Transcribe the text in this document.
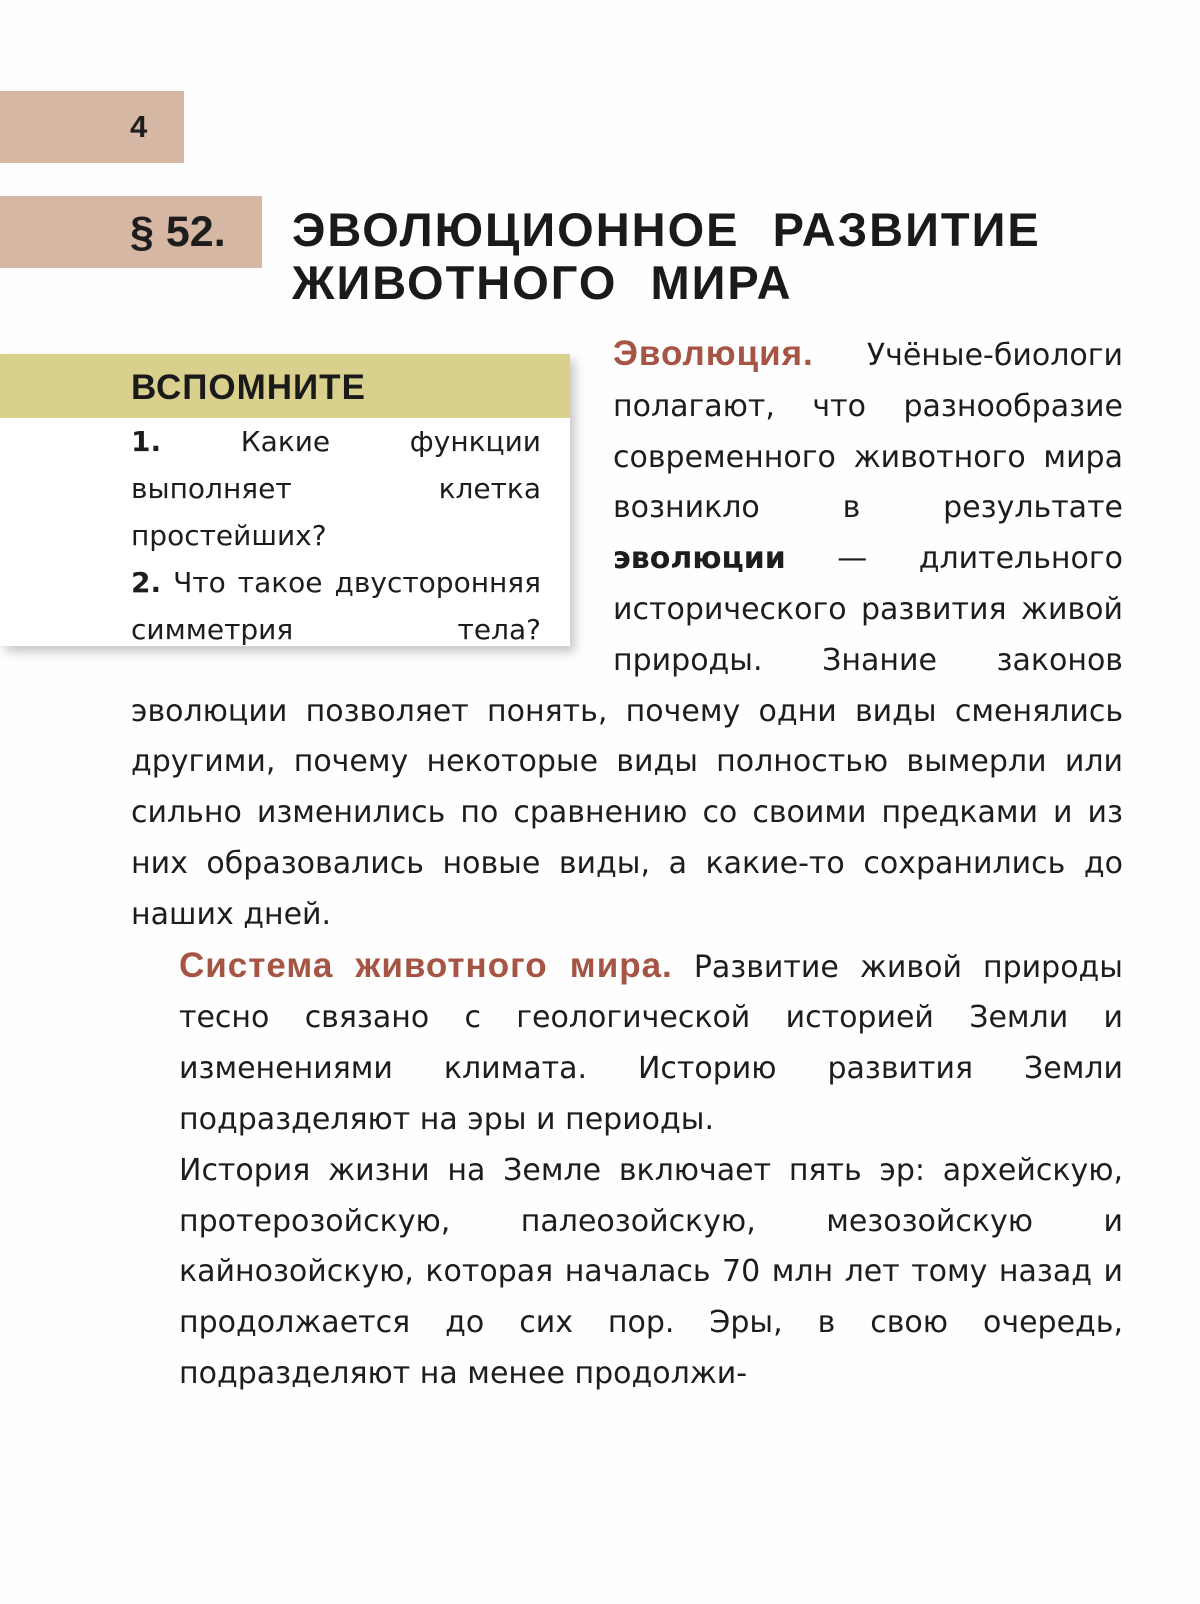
4
§ 52.	ЭВОЛЮЦИОННОЕ РАЗВИТИЕ ЖИВОТНОГО МИРА
ВСПОМНИТЕ
1.	Какие функции выполняет клетка простейших?
2. Что такое двусторонняя симметрия тела?
Эволюция. Учёные-биологи полагают, что разнообразие современного животного мира возникло в результате эволюции — длительного исторического развития живой природы. Знание законов эволюции позволяет понять, почему одни виды сменялись другими, почему некоторые виды полностью вымерли или сильно изменились по сравнению со своими предками и из них образовались новые виды, а какие-то сохранились до наших дней.
Система животного мира. Развитие живой природы тесно связано с геологической историей Земли и изменениями климата. Историю развития Земли подразделяют на эры и периоды.
История жизни на Земле включает пять эр: архейскую, протерозойскую, палеозойскую, мезозойскую и кайнозойскую, которая началась 70 млн лет тому назад и продолжается до сих пор. Эры, в свою очередь, подразделяют на менее продолжи-
